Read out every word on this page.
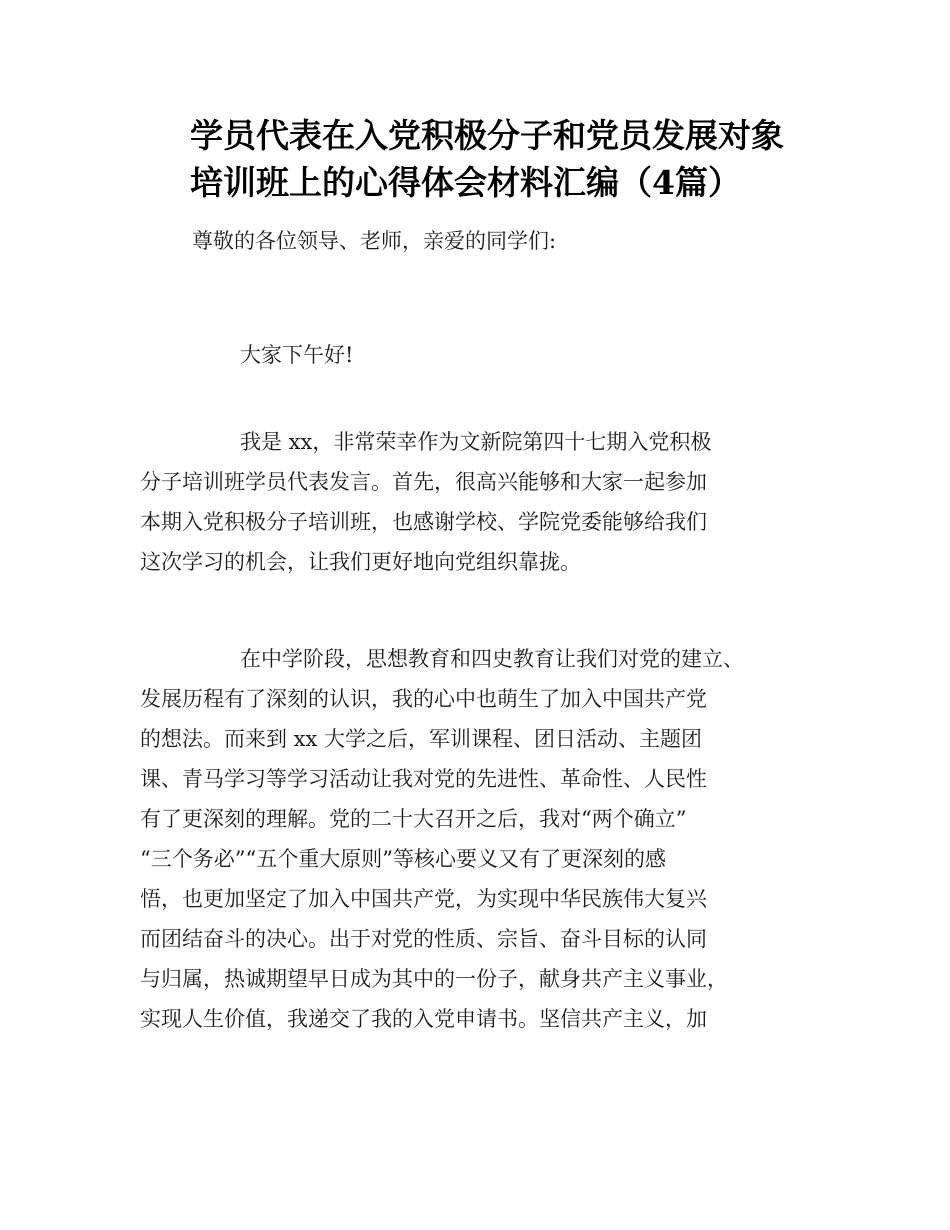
学员代表在入党积极分子和党员发展对象
培训班上的心得体会材料汇编（4篇）

尊敬的各位领导、老师，亲爱的同学们:

大家下午好!

我是 xx，非常荣幸作为文新院第四十七期入党积极
分子培训班学员代表发言。首先，很高兴能够和大家一起参加
本期入党积极分子培训班，也感谢学校、学院党委能够给我们
这次学习的机会，让我们更好地向党组织靠拢。
在中学阶段，思想教育和四史教育让我们对党的建立、
发展历程有了深刻的认识，我的心中也萌生了加入中国共产党
的想法。而来到 xx 大学之后，军训课程、团日活动、主题团
课、青马学习等学习活动让我对党的先进性、革命性、人民性
有了更深刻的理解。党的二十大召开之后，我对“两个确立”
“三个务必”“五个重大原则”等核心要义又有了更深刻的感
悟，也更加坚定了加入中国共产党，为实现中华民族伟大复兴
而团结奋斗的决心。出于对党的性质、宗旨、奋斗目标的认同
与归属，热诚期望早日成为其中的一份子，献身共产主义事业，
实现人生价值，我递交了我的入党申请书。坚信共产主义，加
